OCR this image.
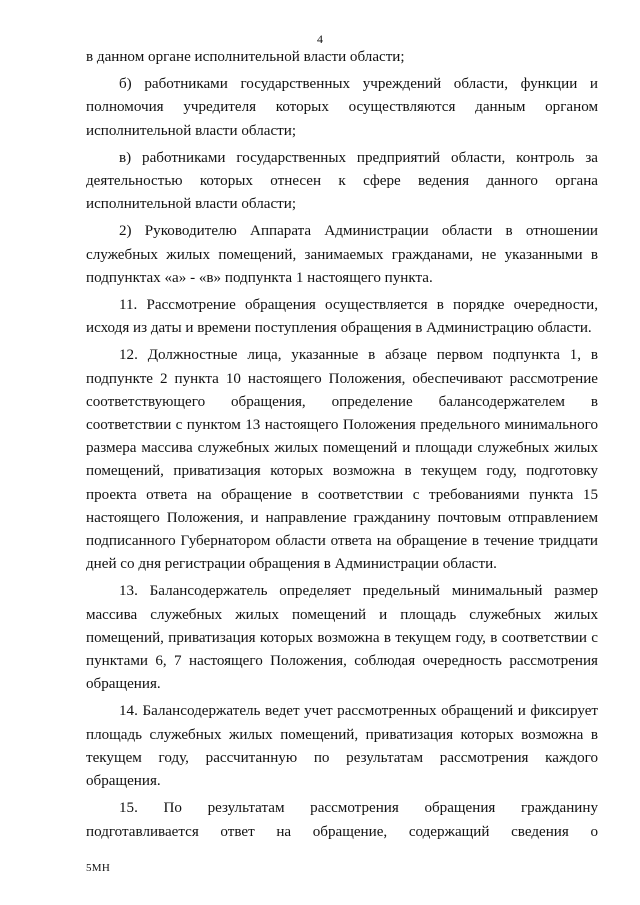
4

в данном органе исполнительной власти области;

б) работниками государственных учреждений области, функции и полномочия учредителя которых осуществляются данным органом исполнительной власти области;

в) работниками государственных предприятий области, контроль за деятельностью которых отнесен к сфере ведения данного органа исполнительной власти области;

2) Руководителю Аппарата Администрации области в отношении служебных жилых помещений, занимаемых гражданами, не указанными в подпунктах «а» - «в» подпункта 1 настоящего пункта.

11. Рассмотрение обращения осуществляется в порядке очередности, исходя из даты и времени поступления обращения в Администрацию области.

12. Должностные лица, указанные в абзаце первом подпункта 1, в подпункте 2 пункта 10 настоящего Положения, обеспечивают рассмотрение соответствующего обращения, определение балансодержателем в соответствии с пунктом 13 настоящего Положения предельного минимального размера массива служебных жилых помещений и площади служебных жилых помещений, приватизация которых возможна в текущем году, подготовку проекта ответа на обращение в соответствии с требованиями пункта 15 настоящего Положения, и направление гражданину почтовым отправлением подписанного Губернатором области ответа на обращение в течение тридцати дней со дня регистрации обращения в Администрации области.

13. Балансодержатель определяет предельный минимальный размер массива служебных жилых помещений и площадь служебных жилых помещений, приватизация которых возможна в текущем году, в соответствии с пунктами 6, 7 настоящего Положения, соблюдая очередность рассмотрения обращения.

14. Балансодержатель ведет учет рассмотренных обращений и фиксирует площадь служебных жилых помещений, приватизация которых возможна в текущем году, рассчитанную по результатам рассмотрения каждого обращения.

15. По результатам рассмотрения обращения гражданину подготавливается ответ на обращение, содержащий сведения о

5МН
